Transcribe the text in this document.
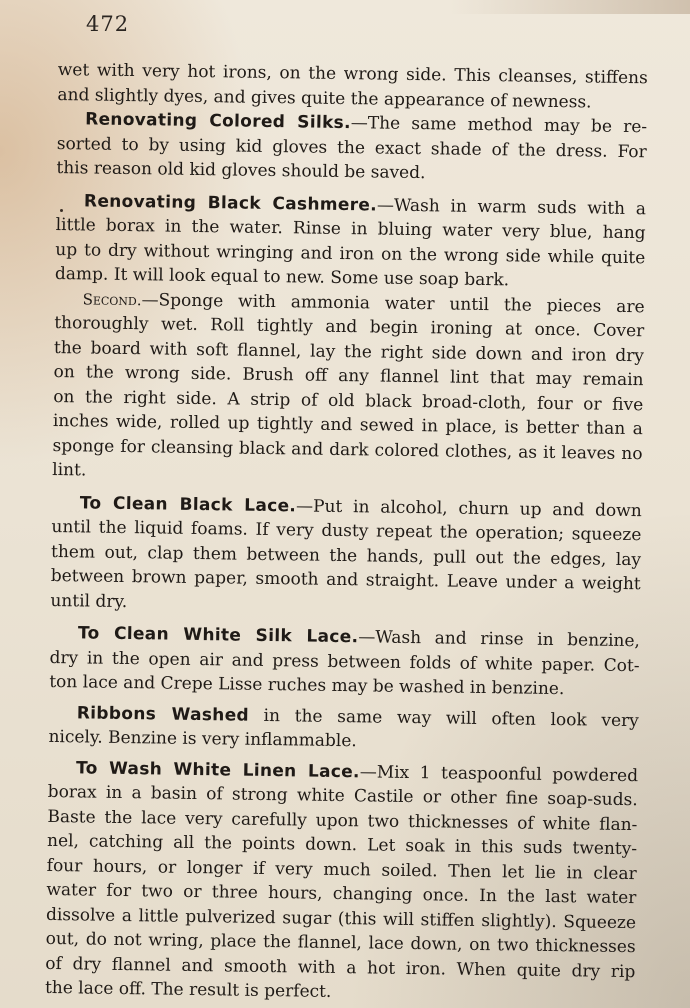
472
wet with very hot irons, on the wrong side. This cleanses, stiffens
and slightly dyes, and gives quite the appearance of newness.
Renovating Colored Silks.—The same method may be re-
sorted to by using kid gloves the exact shade of the dress. For
this reason old kid gloves should be saved.
Renovating Black Cashmere.—Wash in warm suds with a
little borax in the water. Rinse in bluing water very blue, hang
up to dry without wringing and iron on the wrong side while quite
damp. It will look equal to new. Some use soap bark.
Second.—Sponge with ammonia water until the pieces are
thoroughly wet. Roll tightly and begin ironing at once. Cover
the board with soft flannel, lay the right side down and iron dry
on the wrong side. Brush off any flannel lint that may remain
on the right side. A strip of old black broad-cloth, four or five
inches wide, rolled up tightly and sewed in place, is better than a
sponge for cleansing black and dark colored clothes, as it leaves no
lint.
To Clean Black Lace.—Put in alcohol, churn up and down
until the liquid foams. If very dusty repeat the operation; squeeze
them out, clap them between the hands, pull out the edges, lay
between brown paper, smooth and straight. Leave under a weight
until dry.
To Clean White Silk Lace.—Wash and rinse in benzine,
dry in the open air and press between folds of white paper. Cot-
ton lace and Crepe Lisse ruches may be washed in benzine.
Ribbons Washed in the same way will often look very
nicely. Benzine is very inflammable.
To Wash White Linen Lace.—Mix 1 teaspoonful powdered
borax in a basin of strong white Castile or other fine soap-suds.
Baste the lace very carefully upon two thicknesses of white flan-
nel, catching all the points down. Let soak in this suds twenty-
four hours, or longer if very much soiled. Then let lie in clear
water for two or three hours, changing once. In the last water
dissolve a little pulverized sugar (this will stiffen slightly). Squeeze
out, do not wring, place the flannel, lace down, on two thicknesses
of dry flannel and smooth with a hot iron. When quite dry rip
the lace off. The result is perfect.
